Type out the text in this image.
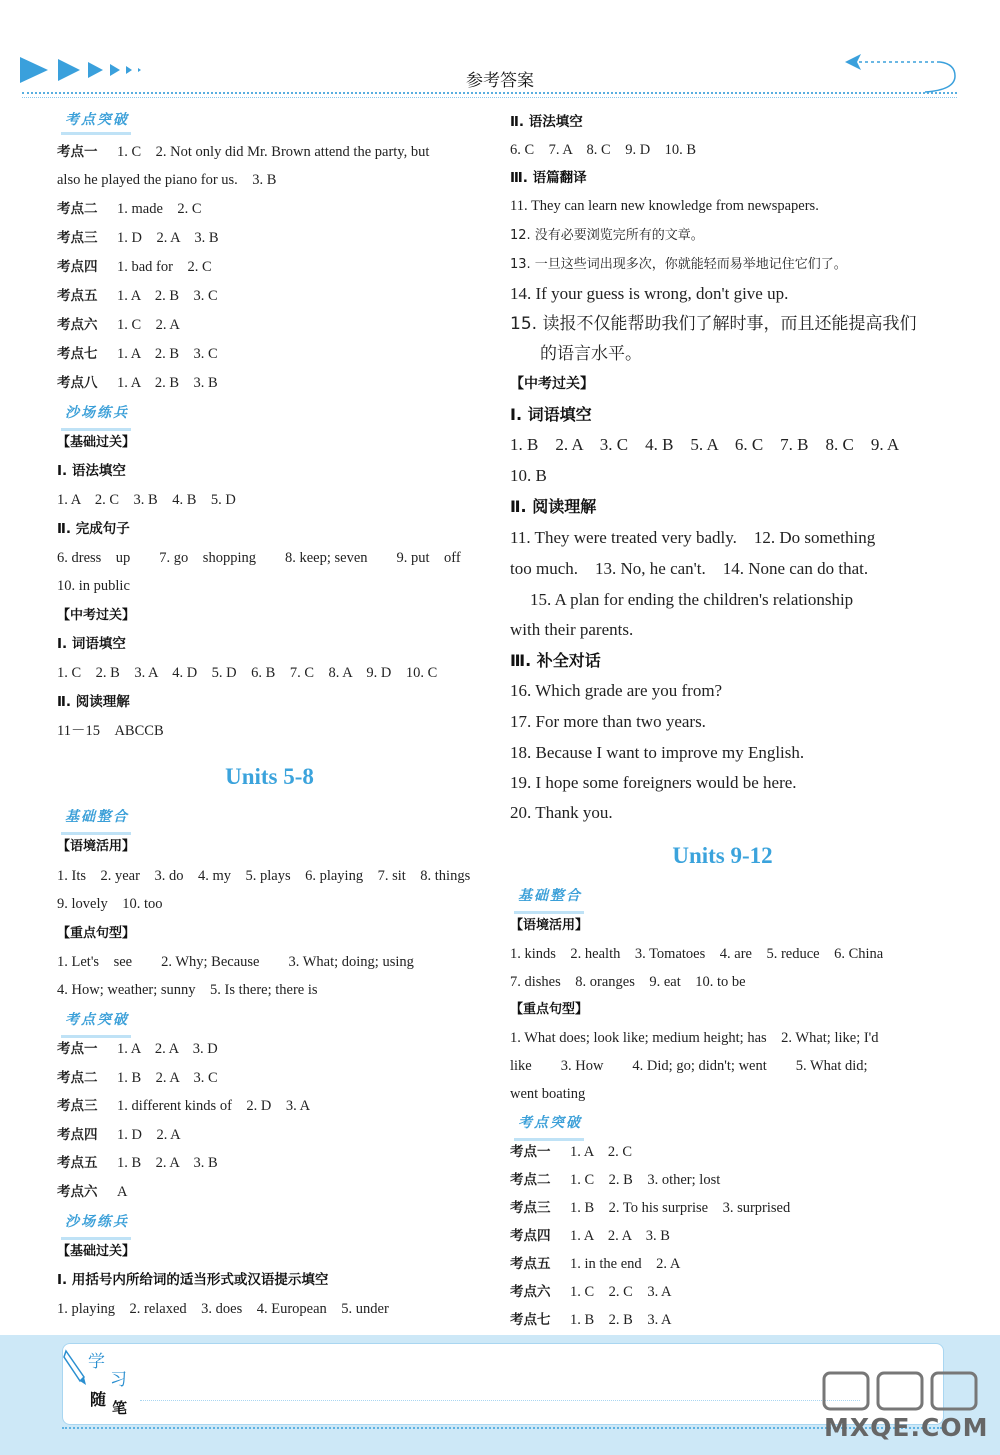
参考答案
考点突破
考点一 1. C　2. Not only did Mr. Brown attend the party, but
also he played the piano for us.　3. B
考点二 1. made　2. C
考点三 1. D　2. A　3. B
考点四 1. bad for　2. C
考点五 1. A　2. B　3. C
考点六 1. C　2. A
考点七 1. A　2. B　3. C
考点八 1. A　2. B　3. B
沙场练兵
【基础过关】
Ⅰ. 语法填空
1. A　2. C　3. B　4. B　5. D
Ⅱ. 完成句子
6. dress　up　　7. go　shopping　　8. keep; seven　　9. put　off
10. in public
【中考过关】
Ⅰ. 词语填空
1. C　2. B　3. A　4. D　5. D　6. B　7. C　8. A　9. D　10. C
Ⅱ. 阅读理解
11－15　ABCCB
Units 5-8
基础整合
【语境活用】
1. Its　2. year　3. do　4. my　5. plays　6. playing　7. sit　8. things
9. lovely　10. too
【重点句型】
1. Let's　see　　2. Why; Because　　3. What; doing; using
4. How; weather; sunny　5. Is there; there is
考点突破
考点一 1. A　2. A　3. D
考点二 1. B　2. A　3. C
考点三 1. different kinds of　2. D　3. A
考点四 1. D　2. A
考点五 1. B　2. A　3. B
考点六 A
沙场练兵
【基础过关】
Ⅰ. 用括号内所给词的适当形式或汉语提示填空
1. playing　2. relaxed　3. does　4. European　5. under
Ⅱ. 语法填空
6. C　7. A　8. C　9. D　10. B
Ⅲ. 语篇翻译
11. They can learn new knowledge from newspapers.
12. 没有必要浏览完所有的文章。
13. 一旦这些词出现多次，你就能轻而易举地记住它们了。
14. If your guess is wrong, don't give up.
15. 读报不仅能帮助我们了解时事，而且还能提高我们
的语言水平。
【中考过关】
Ⅰ. 词语填空
1. B　2. A　3. C　4. B　5. A　6. C　7. B　8. C　9. A
10. B
Ⅱ. 阅读理解
11. They were treated very badly.　12. Do something
too much.　13. No, he can't.　14. None can do that.
15. A plan for ending the children's relationship
with their parents.
Ⅲ. 补全对话
16. Which grade are you from?
17. For more than two years.
18. Because I want to improve my English.
19. I hope some foreigners would be here.
20. Thank you.
Units 9-12
基础整合
【语境活用】
1. kinds　2. health　3. Tomatoes　4. are　5. reduce　6. China
7. dishes　8. oranges　9. eat　10. to be
【重点句型】
1. What does; look like; medium height; has　2. What; like; I'd
like　　3. How　　4. Did; go; didn't; went　　5. What did;
went boating
考点突破
考点一 1. A　2. C
考点二 1. C　2. B　3. other; lost
考点三 1. B　2. To his surprise　3. surprised
考点四 1. A　2. A　3. B
考点五 1. in the end　2. A
考点六 1. C　2. C　3. A
考点七 1. B　2. B　3. A
学
习
随 笔
MXQE.COM
